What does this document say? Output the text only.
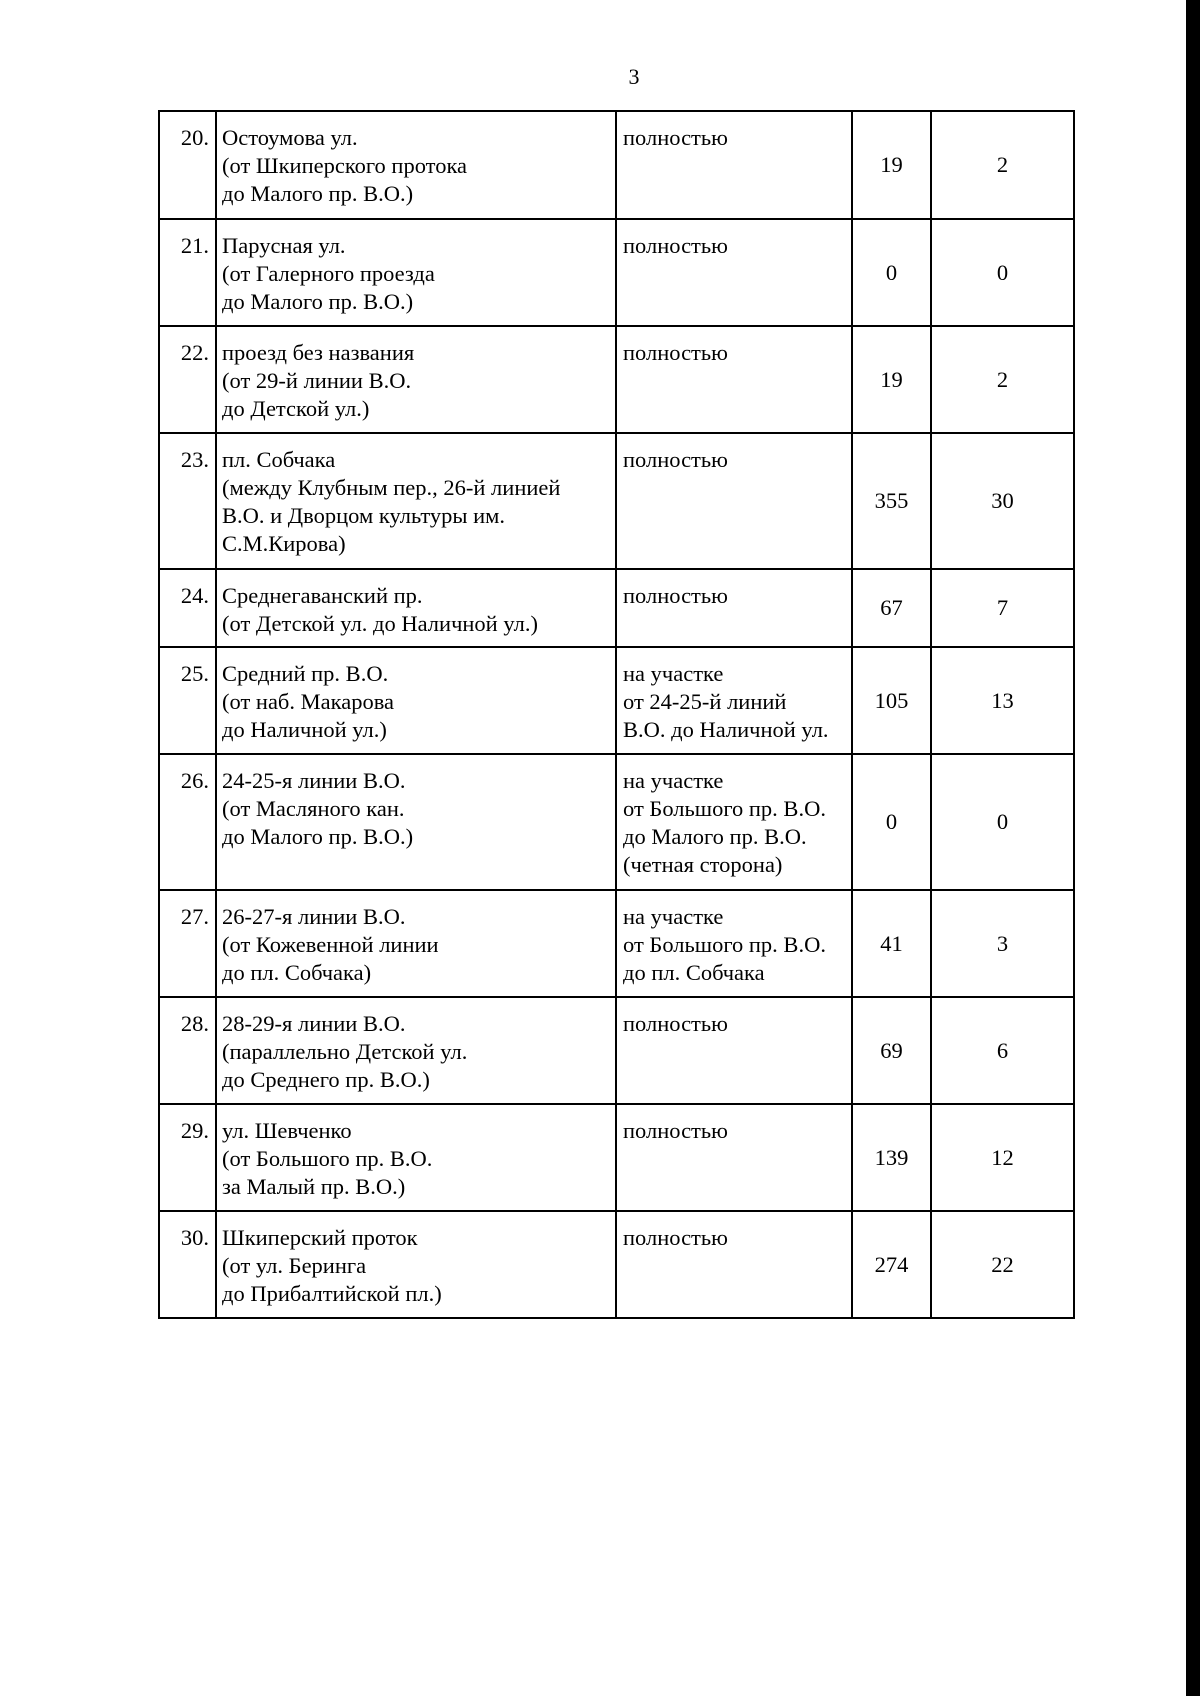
3
20.	Остоумова ул.
(от Шкиперского протока
до Малого пр. В.О.)	полностью	19	2
21.	Парусная ул.
(от Галерного проезда
до Малого пр. В.О.)	полностью	0	0
22.	проезд без названия
(от 29-й линии В.О.
до Детской ул.)	полностью	19	2
23.	пл. Собчака
(между Клубным пер., 26-й линией
В.О. и Дворцом культуры им.
С.М.Кирова)	полностью	355	30
24.	Среднегаванский пр.
(от Детской ул. до Наличной ул.)	полностью	67	7
25.	Средний пр. В.О.
(от наб. Макарова
до Наличной ул.)	на участке
от 24-25-й линий
В.О. до Наличной ул.	105	13
26.	24-25-я линии В.О.
(от Масляного кан.
до Малого пр. В.О.)	на участке
от Большого пр. В.О.
до Малого пр. В.О.
(четная сторона)	0	0
27.	26-27-я линии В.О.
(от Кожевенной линии
до пл. Собчака)	на участке
от Большого пр. В.О.
до пл. Собчака	41	3
28.	28-29-я линии В.О.
(параллельно Детской ул.
до Среднего пр. В.О.)	полностью	69	6
29.	ул. Шевченко
(от Большого пр. В.О.
за Малый пр. В.О.)	полностью	139	12
30.	Шкиперский проток
(от ул. Беринга
до Прибалтийской пл.)	полностью	274	22
